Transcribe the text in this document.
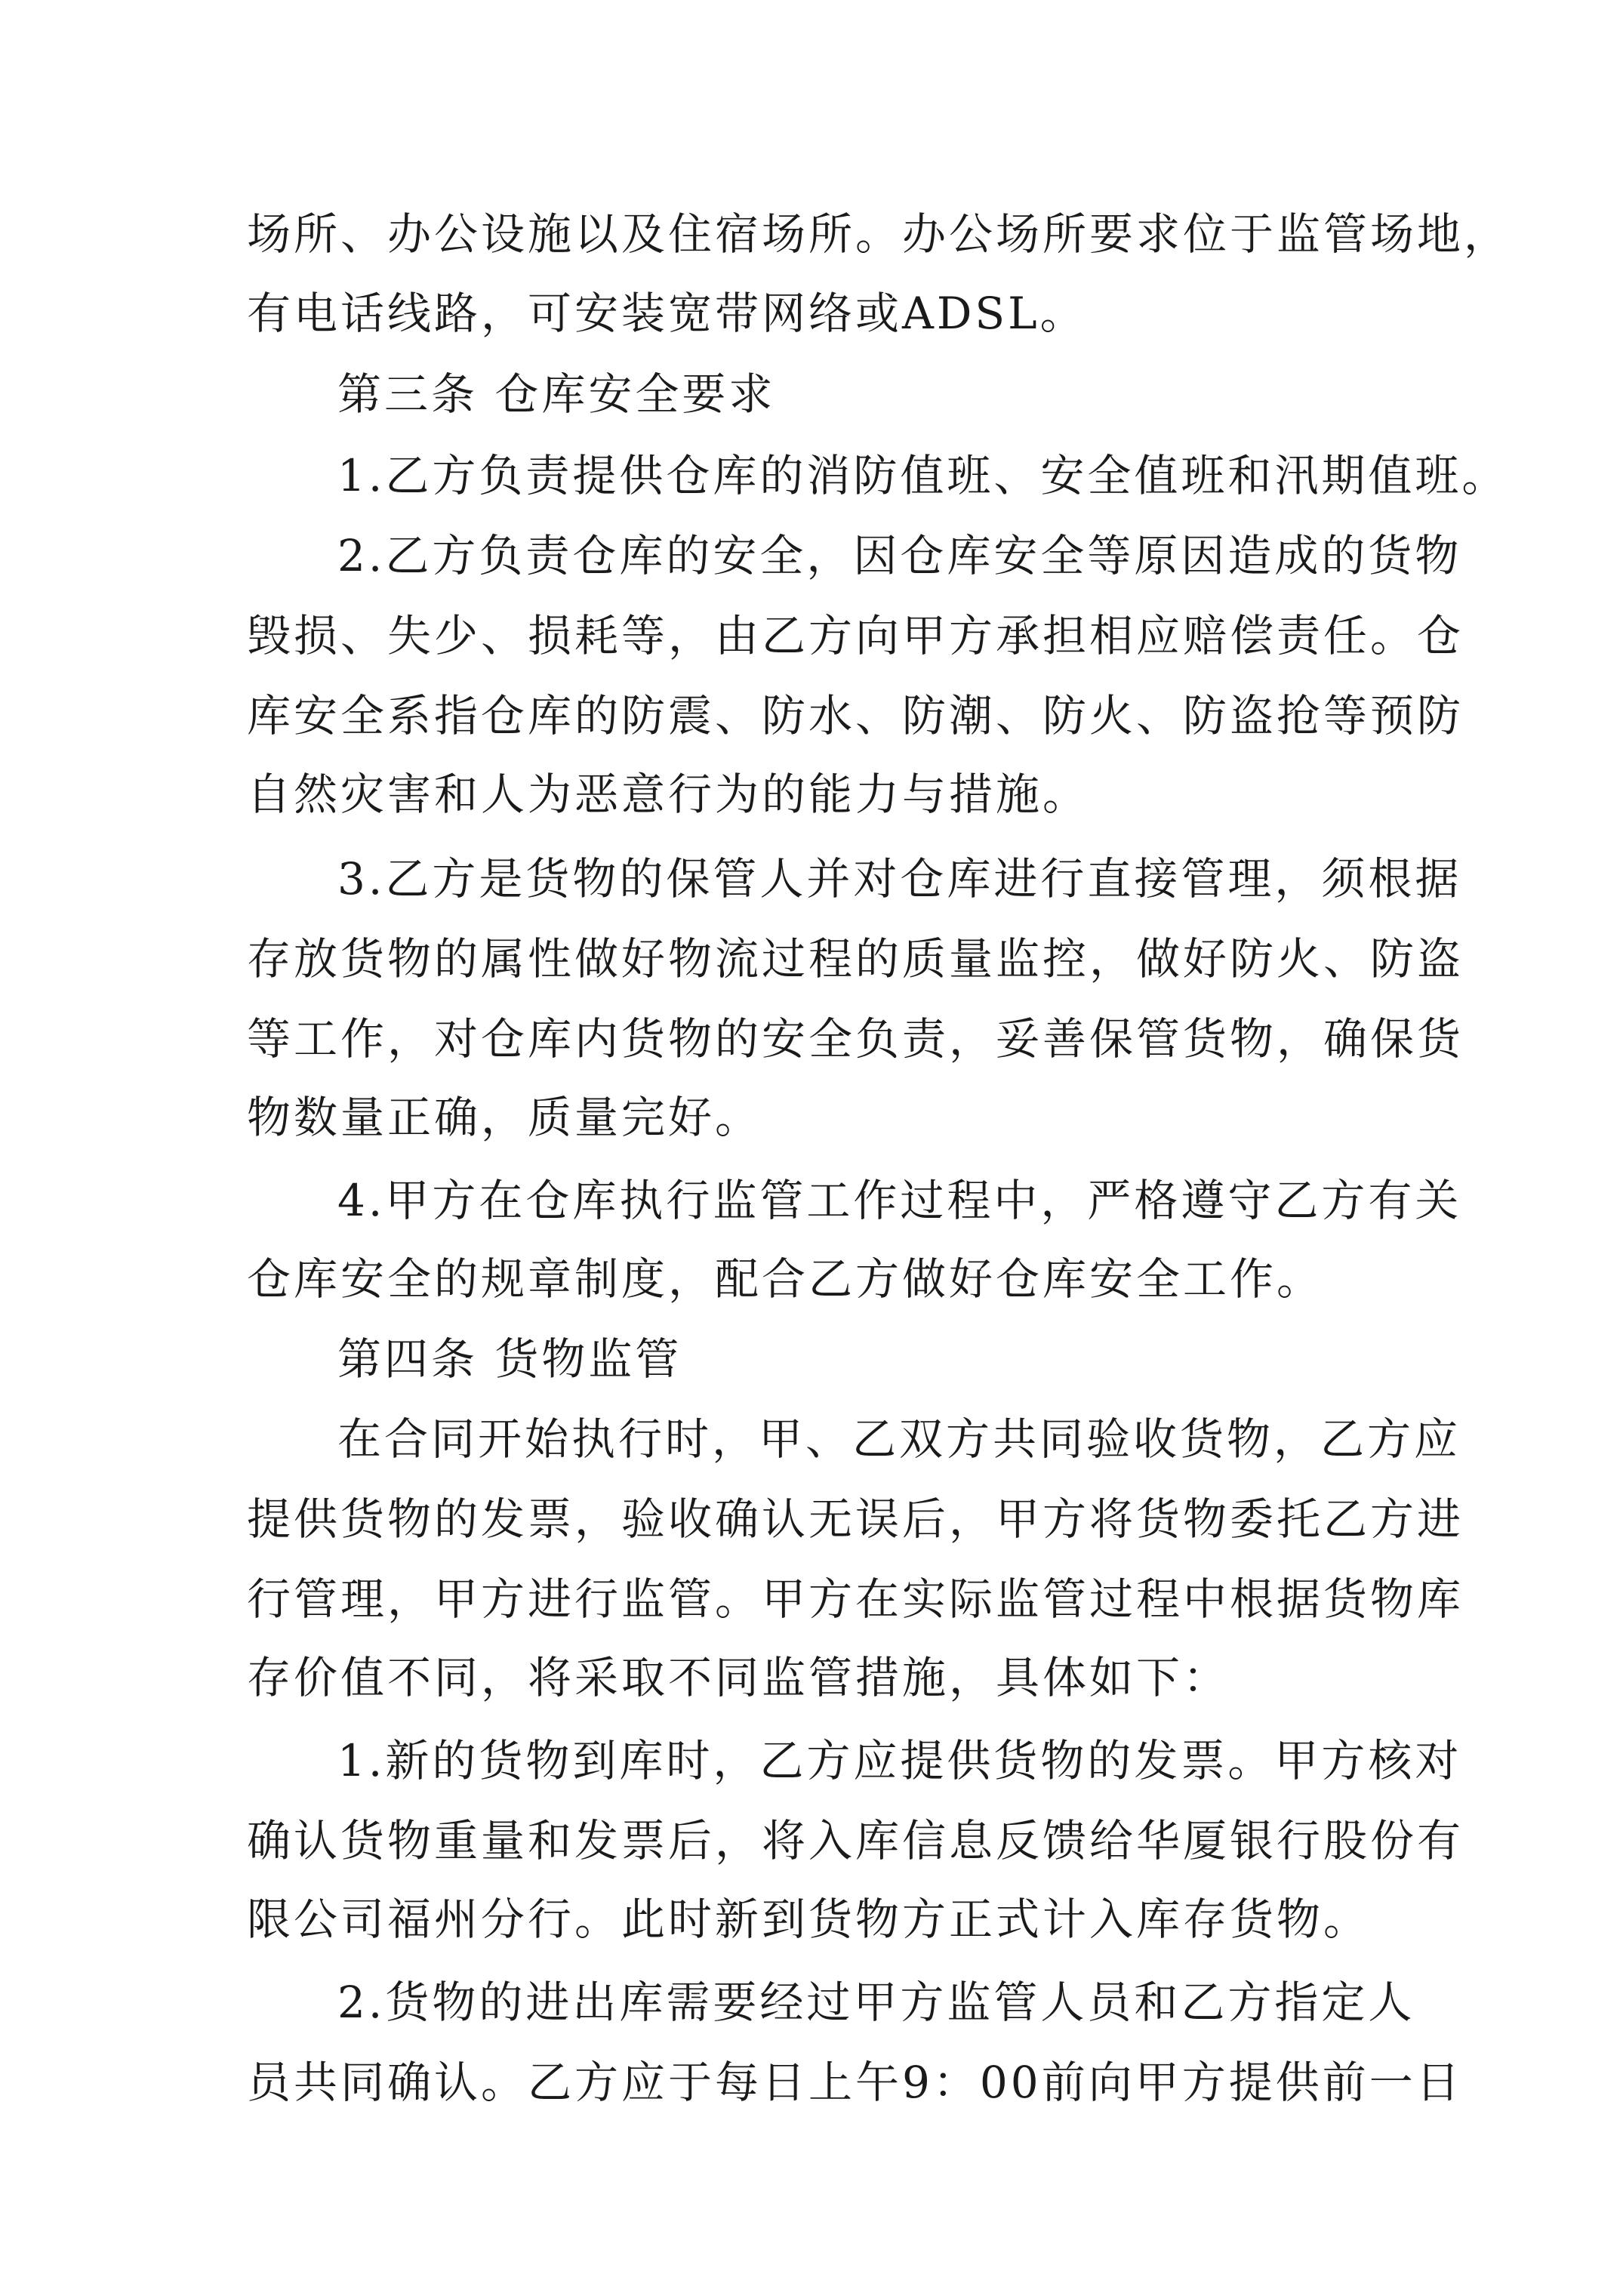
场所、办公设施以及住宿场所。办公场所要求位于监管场地，
有电话线路，可安装宽带网络或ADSL。
第三条 仓库安全要求
1.乙方负责提供仓库的消防值班、安全值班和汛期值班。
2.乙方负责仓库的安全，因仓库安全等原因造成的货物
毁损、失少、损耗等，由乙方向甲方承担相应赔偿责任。仓
库安全系指仓库的防震、防水、防潮、防火、防盗抢等预防
自然灾害和人为恶意行为的能力与措施。
3.乙方是货物的保管人并对仓库进行直接管理，须根据
存放货物的属性做好物流过程的质量监控，做好防火、防盗
等工作，对仓库内货物的安全负责，妥善保管货物，确保货
物数量正确，质量完好。
4.甲方在仓库执行监管工作过程中，严格遵守乙方有关
仓库安全的规章制度，配合乙方做好仓库安全工作。
第四条 货物监管
在合同开始执行时，甲、乙双方共同验收货物，乙方应
提供货物的发票，验收确认无误后，甲方将货物委托乙方进
行管理，甲方进行监管。甲方在实际监管过程中根据货物库
存价值不同，将采取不同监管措施，具体如下：
1.新的货物到库时，乙方应提供货物的发票。甲方核对
确认货物重量和发票后，将入库信息反馈给华厦银行股份有
限公司福州分行。此时新到货物方正式计入库存货物。
2.货物的进出库需要经过甲方监管人员和乙方指定人
员共同确认。乙方应于每日上午9：00前向甲方提供前一日
